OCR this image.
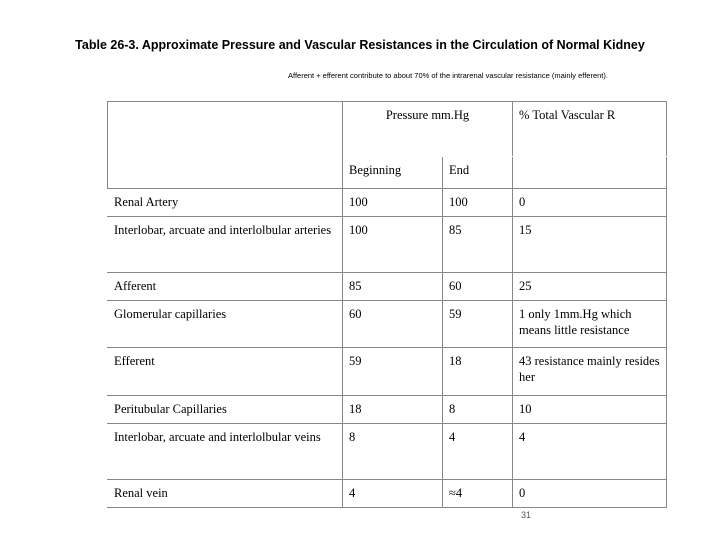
Table 26-3. Approximate Pressure and Vascular Resistances in the Circulation of Normal Kidney
Afferent + efferent contribute to about 70% of the intrarenal vascular resistance (mainly efferent).
	Pressure mm.Hg		% Total Vascular R
	Beginning	End	
Renal Artery	100	100	0
Interlobar, arcuate and interlolbular arteries	100	85	15
Afferent	85	60	25
Glomerular capillaries	60	59	1 only 1mm.Hg which means little resistance
Efferent	59	18	43 resistance mainly resides her
Peritubular Capillaries	18	8	10
Interlobar, arcuate and interlolbular veins	8	4	4
Renal vein	4	≈4	0
31
